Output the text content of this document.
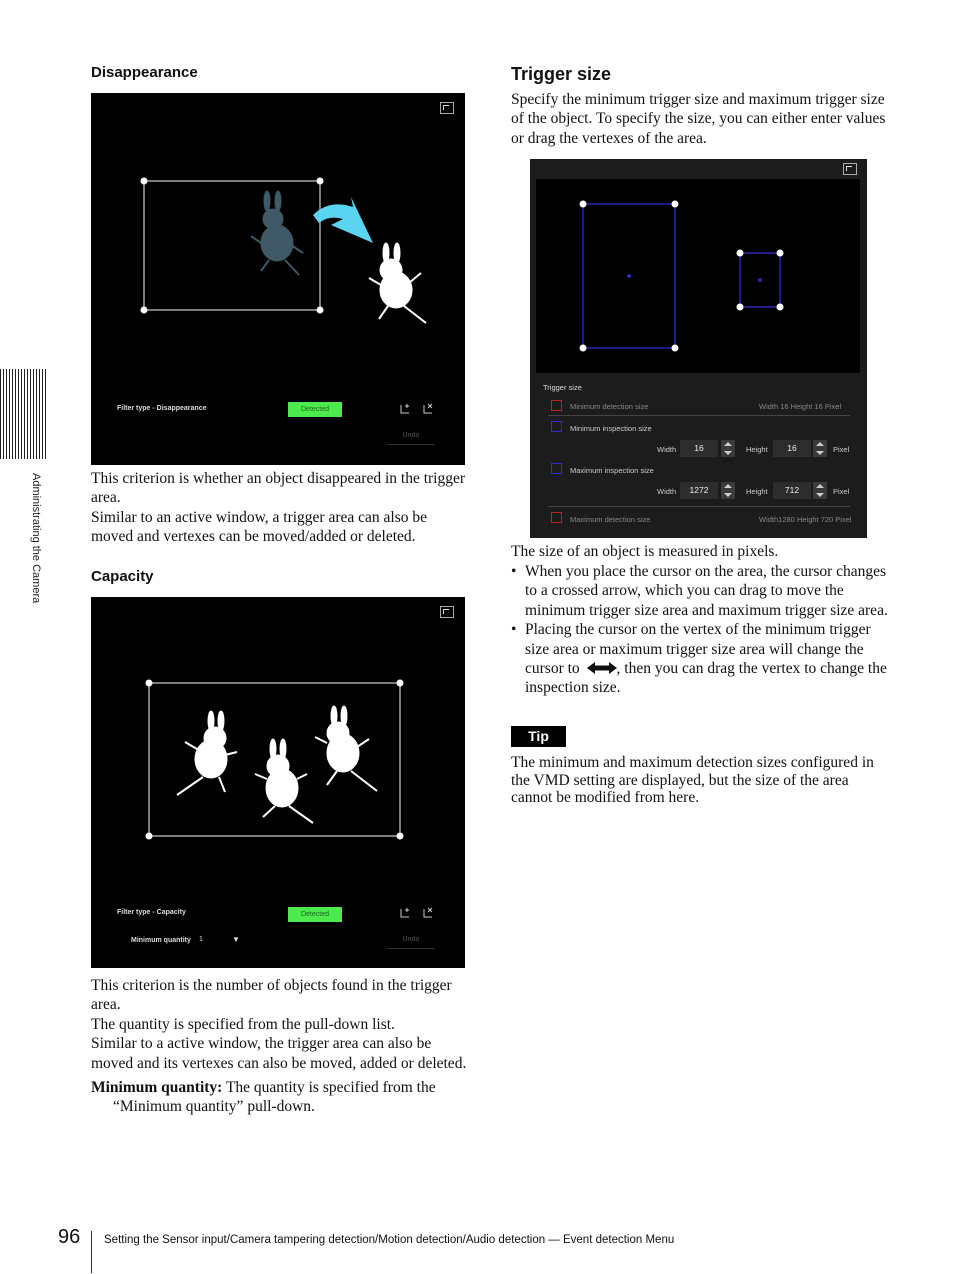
Administrating the Camera
Disappearance
Filter type - Disappearance	Detected
Undo

This criterion is whether an object disappeared in the trigger area.

Similar to an active window, a trigger area can also be moved and vertexes can be moved/added or deleted.

Capacity
Filter type - Capacity	Detected
Minimum quantity 1	▼	Undo

This criterion is the number of objects found in the trigger area.

The quantity is specified from the pull-down list.

Similar to a active window, the trigger area can also be moved and its vertexes can also be moved, added or deleted.

Minimum quantity: The quantity is specified from the “Minimum quantity” pull-down.

Trigger size
Specify the minimum trigger size and maximum trigger size of the object. To specify the size, you can either enter values or drag the vertexes of the area.
Trigger size
Minimum detection size	Width 16 Height 16 Pixel
Minimum inspection size
Width	16	Height	16	Pixel
Maximum inspection size
Width	1272	Height	712	Pixel
Maximum detection size	Width1280 Height 720 Pixel
The size of an object is measured in pixels.
• When you place the cursor on the area, the cursor changes to a crossed arrow, which you can drag to move the minimum trigger size area and maximum trigger size area.
• Placing the cursor on the vertex of the minimum trigger size area or maximum trigger size area will change the cursor to , then you can drag the vertex to change the inspection size.
Tip
The minimum and maximum detection sizes configured in the VMD setting are displayed, but the size of the area cannot be modified from here.
96 Setting the Sensor input/Camera tampering detection/Motion detection/Audio detection — Event detection Menu
